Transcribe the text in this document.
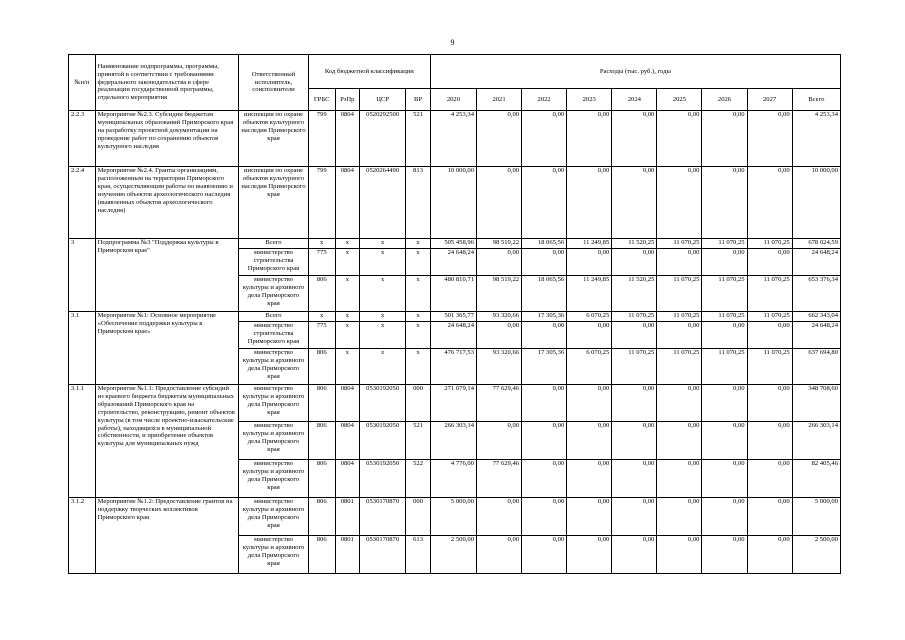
9
№п/п	Наименование подпрограммы, программы, принятой в соответствии с требованиями федерального законодательства в сфере реализации государственной программы, отдельного мероприятия	Ответственный исполнитель, соисполнители	Код бюджетной классификации				Расходы (тыс. руб.), годы								
			ГРБС	РзПр	ЦСР	ВР	2020	2021	2022	2023	2024	2025	2026	2027	Всего
2.2.3	Мероприятие №2.3. Субсидии бюджетам муниципальных образований Приморского края на разработку проектной документации на проведение работ по сохранению объектов культурного наследия	инспекция по охране объектов культурного наследия Приморского края	799	0804	0520292500	521	4 253,34	0,00	0,00	0,00	0,00	0,00	0,00	0,00	4 253,34
2.2.4	Мероприятие №2.4. Гранты организациям, расположенным на территории Приморского края, осуществляющим работы по выявлению и изучению объектов археологического наследия (выявленных объектов археологического наследия)	инспекция по охране объектов культурного наследия Приморского края	799	0804	0520264490	813	10 000,00	0,00	0,00	0,00	0,00	0,00	0,00	0,00	10 000,00
3	Подпрограмма №3 "Поддержка культуры в Приморском крае"	Всего	x	x	x	x	505 458,96	98 519,22	18 065,56	11 249,85	11 520,25	11 070,25	11 070,25	11 070,25	678 024,59
		министерство строительства Приморского края	775	x	x	x	24 648,24	0,00	0,00	0,00	0,00	0,00	0,00	0,00	24 648,24
		министерство культуры и архивного дела Приморского края	806	x	x	x	480 810,71	98 519,22	18 065,56	11 249,85	11 520,25	11 070,25	11 070,25	11 070,25	653 376,34
3.1	Мероприятие №1: Основное мероприятие «Обеспечение поддержки культуры в Приморском крае»	Всего	x	x	x	x	501 365,77	93 320,66	17 305,36	6 070,25	11 070,25	11 070,25	11 070,25	11 070,25	662 343,04
		министерство строительства Приморского края	775	x	x	x	24 648,24	0,00	0,00	0,00	0,00	0,00	0,00	0,00	24 648,24
		министерство культуры и архивного дела Приморского края	806	x	x	x	476 717,53	93 320,66	17 305,36	6 070,25	11 070,25	11 070,25	11 070,25	11 070,25	637 694,80
3.1.1	Мероприятие №1.1: Предоставление субсидий из краевого бюджета бюджетам муниципальных образований Приморского края на строительство, реконструкцию, ремонт объектов культуры (в том числе проектно-изыскательские работы), находящихся в муниципальной собственности, и приобретение объектов культуры для муниципальных нужд	министерство культуры и архивного дела Приморского края	806	0804	0530192050	000	271 079,14	77 629,46	0,00	0,00	0,00	0,00	0,00	0,00	348 708,60
		министерство культуры и архивного дела Приморского края	806	0804	0530192050	521	266 303,14	0,00	0,00	0,00	0,00	0,00	0,00	0,00	266 303,14
		министерство культуры и архивного дела Приморского края	806	0804	0530192050	522	4 776,00	77 629,46	0,00	0,00	0,00	0,00	0,00	0,00	82 405,46
3.1.2	Мероприятие №1.2: Предоставление грантов на поддержку творческих коллективов Приморского края	министерство культуры и архивного дела Приморского края	806	0801	0530170870	000	5 000,00	0,00	0,00	0,00	0,00	0,00	0,00	0,00	5 000,00
		министерство культуры и архивного дела Приморского края	806	0801	0530170870	613	2 500,00	0,00	0,00	0,00	0,00	0,00	0,00	0,00	2 500,00
